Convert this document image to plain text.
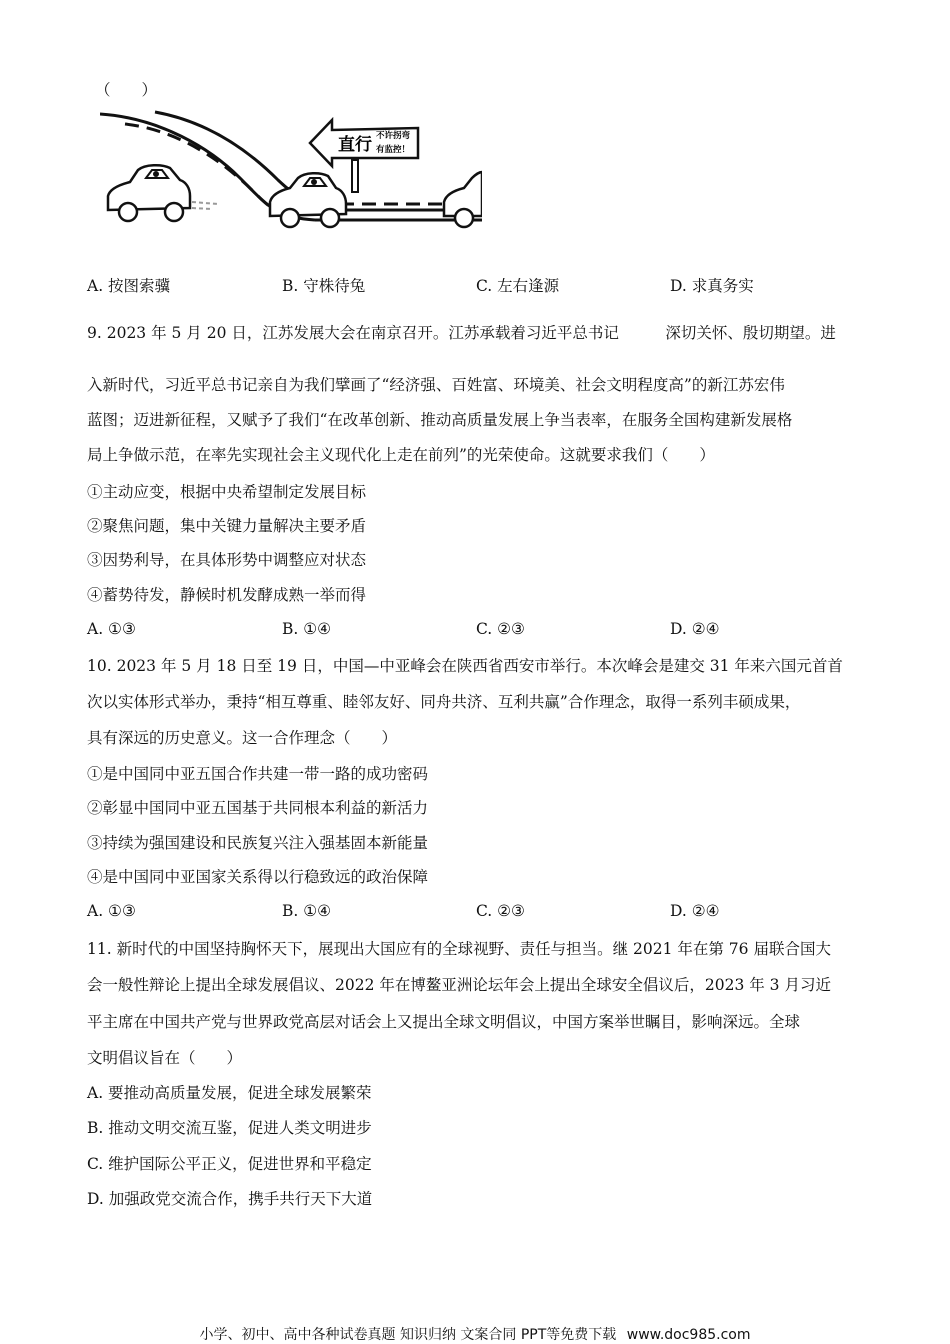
（　　）
直行 不许拐弯
有监控！
A. 按图索骥	B. 守株待兔	C. 左右逢源	D. 求真务实
9. 2023 年 5 月 20 日，江苏发展大会在南京召开。江苏承载着习近平总书记　　　深切关怀、殷切期望。进
入新时代，习近平总书记亲自为我们擘画了“经济强、百姓富、环境美、社会文明程度高”的新江苏宏伟
蓝图；迈进新征程，又赋予了我们“在改革创新、推动高质量发展上争当表率，在服务全国构建新发展格
局上争做示范，在率先实现社会主义现代化上走在前列”的光荣使命。这就要求我们（　　）
①主动应变，根据中央希望制定发展目标
②聚焦问题，集中关键力量解决主要矛盾
③因势利导，在具体形势中调整应对状态
④蓄势待发，静候时机发酵成熟一举而得
A. ①③	B. ①④	C. ②③	D. ②④
10. 2023 年 5 月 18 日至 19 日，中国—中亚峰会在陕西省西安市举行。本次峰会是建交 31 年来六国元首首
次以实体形式举办，秉持“相互尊重、睦邻友好、同舟共济、互利共赢”合作理念，取得一系列丰硕成果，
具有深远的历史意义。这一合作理念（　　）
①是中国同中亚五国合作共建一带一路的成功密码
②彰显中国同中亚五国基于共同根本利益的新活力
③持续为强国建设和民族复兴注入强基固本新能量
④是中国同中亚国家关系得以行稳致远的政治保障
A. ①③	B. ①④	C. ②③	D. ②④
11. 新时代的中国坚持胸怀天下，展现出大国应有的全球视野、责任与担当。继 2021 年在第 76 届联合国大
会一般性辩论上提出全球发展倡议、2022 年在博鳌亚洲论坛年会上提出全球安全倡议后，2023 年 3 月习近
平主席在中国共产党与世界政党高层对话会上又提出全球文明倡议，中国方案举世瞩目，影响深远。全球
文明倡议旨在（　　）
A. 要推动高质量发展，促进全球发展繁荣
B. 推动文明交流互鉴，促进人类文明进步
C. 维护国际公平正义，促进世界和平稳定
D. 加强政党交流合作，携手共行天下大道
小学、初中、高中各种试卷真题 知识归纳 文案合同 PPT等免费下载 www.doc985.com
